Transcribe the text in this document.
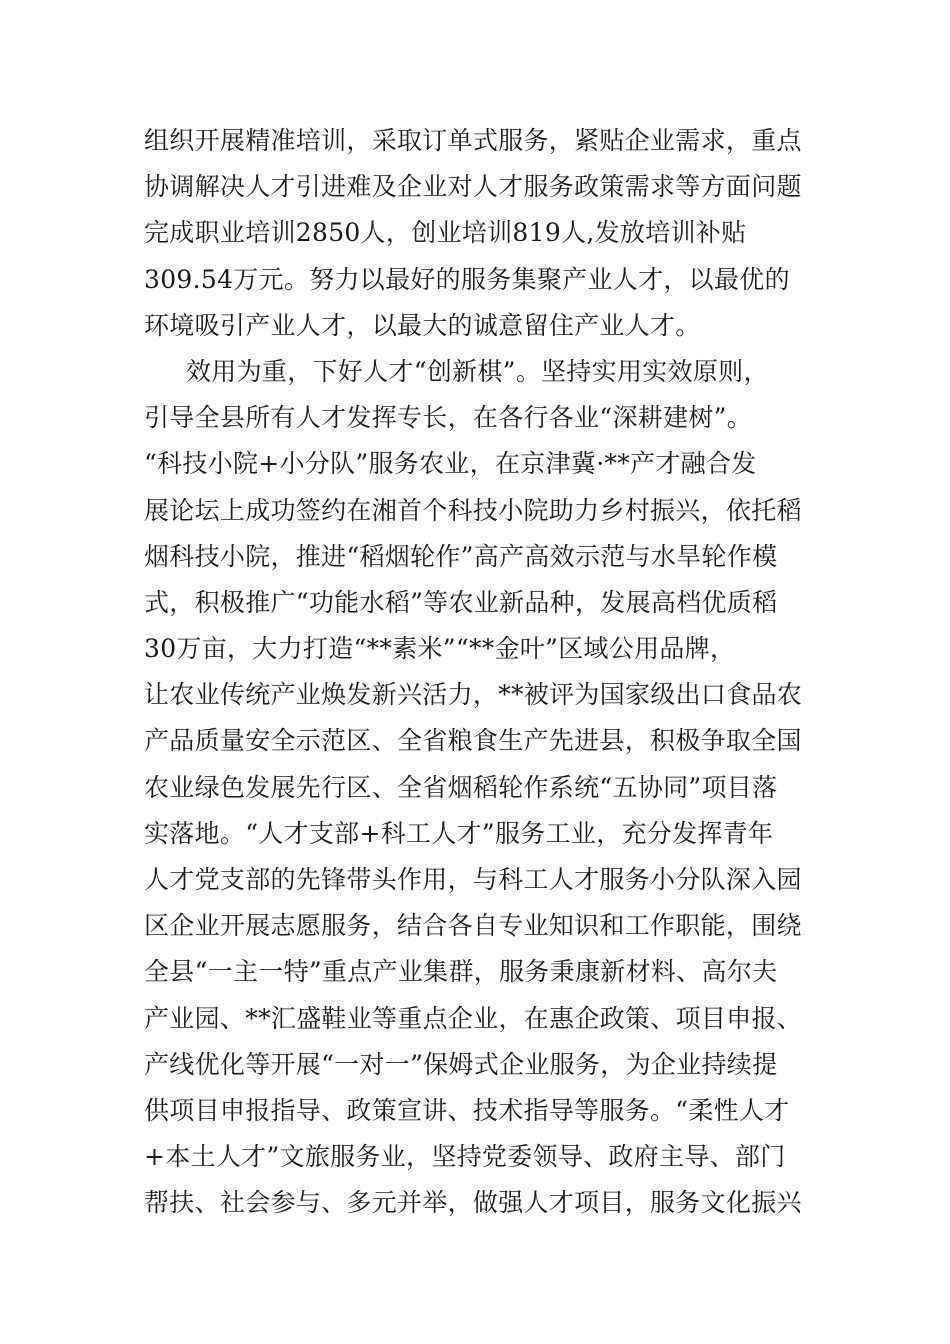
组织开展精准培训，采取订单式服务，紧贴企业需求，重点
协调解决人才引进难及企业对人才服务政策需求等方面问题
完成职业培训2850人，创业培训819人,发放培训补贴
309.54万元。努力以最好的服务集聚产业人才，以最优的
环境吸引产业人才，以最大的诚意留住产业人才。
效用为重，下好人才“创新棋”。坚持实用实效原则，
引导全县所有人才发挥专长，在各行各业“深耕建树”。
“科技小院+小分队”服务农业，在京津冀·**产才融合发
展论坛上成功签约在湘首个科技小院助力乡村振兴，依托稻
烟科技小院，推进“稻烟轮作”高产高效示范与水旱轮作模
式，积极推广“功能水稻”等农业新品种，发展高档优质稻
30万亩，大力打造“**素米”“**金叶”区域公用品牌，
让农业传统产业焕发新兴活力，**被评为国家级出口食品农
产品质量安全示范区、全省粮食生产先进县，积极争取全国
农业绿色发展先行区、全省烟稻轮作系统“五协同”项目落
实落地。“人才支部+科工人才”服务工业，充分发挥青年
人才党支部的先锋带头作用，与科工人才服务小分队深入园
区企业开展志愿服务，结合各自专业知识和工作职能，围绕
全县“一主一特”重点产业集群，服务秉康新材料、高尔夫
产业园、**汇盛鞋业等重点企业，在惠企政策、项目申报、
产线优化等开展“一对一”保姆式企业服务，为企业持续提
供项目申报指导、政策宣讲、技术指导等服务。“柔性人才
+本土人才”文旅服务业，坚持党委领导、政府主导、部门
帮扶、社会参与、多元并举，做强人才项目，服务文化振兴
